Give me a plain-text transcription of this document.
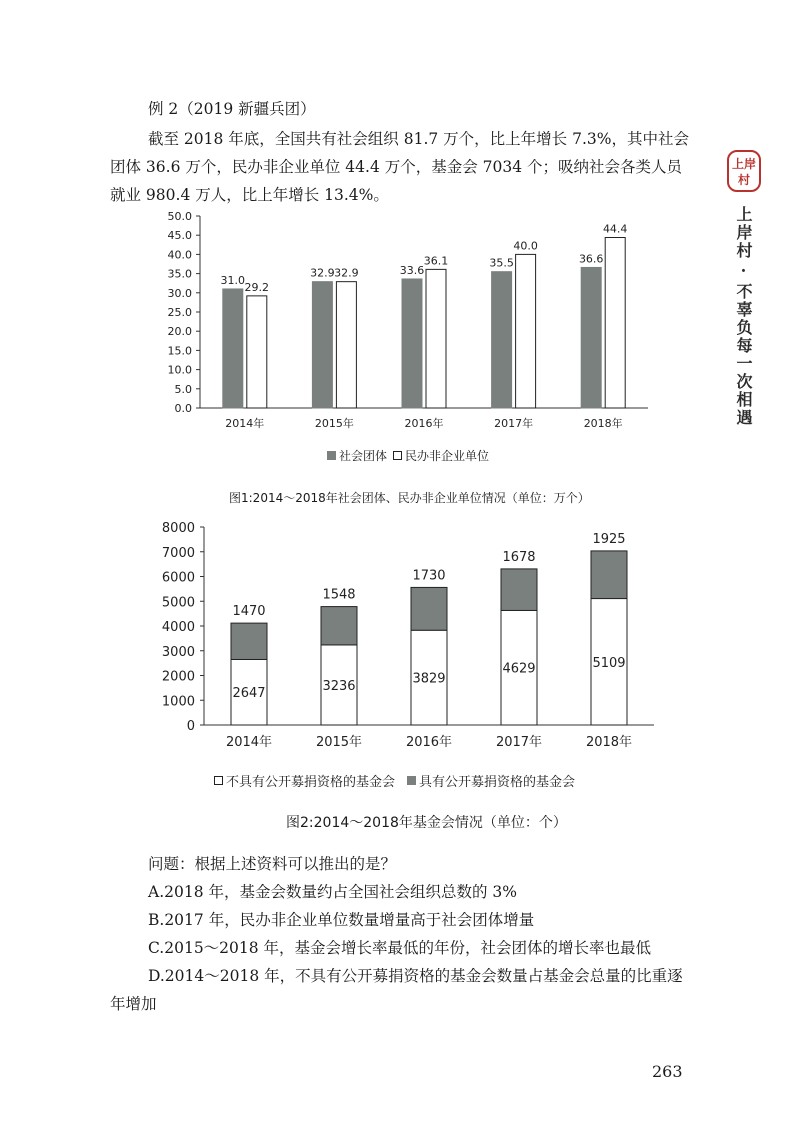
例 2（2019 新疆兵团）
截至 2018 年底，全国共有社会组织 81.7 万个，比上年增长 7.3%，其中社会
团体 36.6 万个，民办非企业单位 44.4 万个，基金会 7034 个；吸纳社会各类人员
就业 980.4 万人，比上年增长 13.4%。
上岸村
上岸村 · 不辜负每一次相遇
0.0
5.0
10.0
15.0
20.0
25.0
30.0
35.0
40.0
45.0
50.0
2014年
31.0
29.2
2015年
32.9 32.9
2016年
33.6
36.1
2017年
35.5
40.0
2018年
36.6
44.4
社会团体 民办非企业单位
图1:2014～2018年社会团体、民办非企业单位情况（单位：万个）
0
1000
2000
3000
4000
5000
6000
7000
8000
2014年
2647
1470
2015年
3236
1548
2016年
3829
1730
2017年
4629
1678
2018年
5109
1925
不具有公开募捐资格的基金会 具有公开募捐资格的基金会
图2:2014～2018年基金会情况（单位：个）
问题：根据上述资料可以推出的是？
A.2018 年，基金会数量约占全国社会组织总数的 3%
B.2017 年，民办非企业单位数量增量高于社会团体增量
C.2015～2018 年，基金会增长率最低的年份，社会团体的增长率也最低
D.2014～2018 年，不具有公开募捐资格的基金会数量占基金会总量的比重逐
年增加
263
